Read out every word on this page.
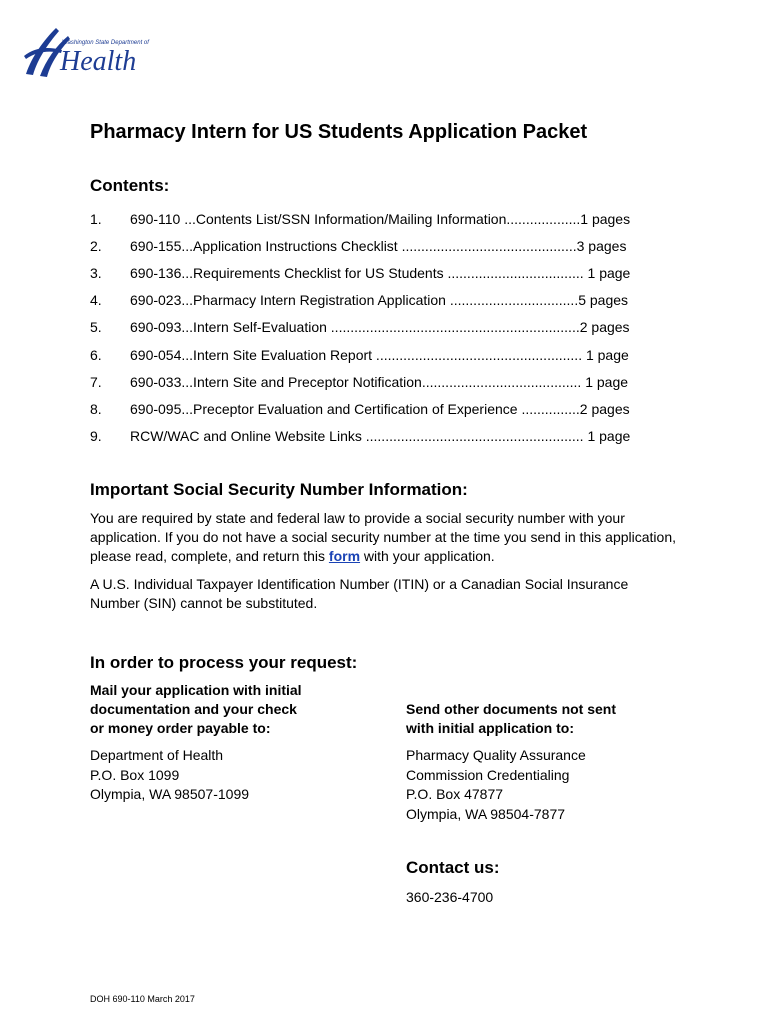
Washington State Department of
Health
Pharmacy Intern for US Students Application Packet
Contents:
1.	690-110 ...Contents List/SSN Information/Mailing Information...................1 pages
2.	690-155...Application Instructions Checklist .............................................3 pages
3.	690-136...Requirements Checklist for US Students ................................... 1 page
4.	690-023...Pharmacy Intern Registration Application .................................5 pages
5.	690-093...Intern Self-Evaluation ................................................................2 pages
6.	690-054...Intern Site Evaluation Report ..................................................... 1 page
7.	690-033...Intern Site and Preceptor Notification......................................... 1 page
8.	690-095...Preceptor Evaluation and Certification of Experience ...............2 pages
9.	RCW/WAC and Online Website Links ........................................................ 1 page
Important Social Security Number Information:

You are required by state and federal law to provide a social security number with your application. If you do not have a social security number at the time you send in this application, please read, complete, and return this form with your application.

A U.S. Individual Taxpayer Identification Number (ITIN) or a Canadian Social Insurance Number (SIN) cannot be substituted.

In order to process your request:
Mail your application with initial
documentation and your check
or money order payable to:
Department of Health
P.O. Box 1099
Olympia, WA 98507-1099
Send other documents not sent
with initial application to:
Pharmacy Quality Assurance
Commission Credentialing
P.O. Box 47877
Olympia, WA 98504-7877
Contact us:
360-236-4700
DOH 690-110 March 2017
